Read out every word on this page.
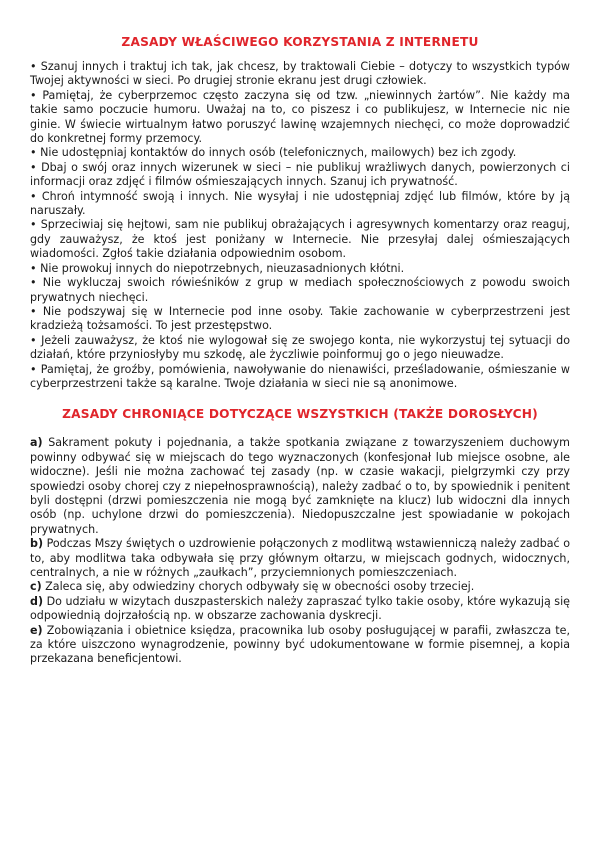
ZASADY WŁAŚCIWEGO KORZYSTANIA Z INTERNETU

• Szanuj innych i traktuj ich tak, jak chcesz, by traktowali Ciebie – dotyczy to wszystkich typów Twojej aktywności w sieci. Po drugiej stronie ekranu jest drugi człowiek.

• Pamiętaj, że cyberprzemoc często zaczyna się od tzw. „niewinnych żartów”. Nie każdy ma takie samo poczucie humoru. Uważaj na to, co piszesz i co publikujesz, w Internecie nic nie ginie. W świecie wirtualnym łatwo poruszyć lawinę wzajemnych niechęci, co może doprowadzić do konkretnej formy przemocy.

• Nie udostępniaj kontaktów do innych osób (telefonicznych, mailowych) bez ich zgody.

• Dbaj o swój oraz innych wizerunek w sieci – nie publikuj wrażliwych danych, powierzonych ci informacji oraz zdjęć i filmów ośmieszających innych. Szanuj ich prywatność.

• Chroń intymność swoją i innych. Nie wysyłaj i nie udostępniaj zdjęć lub filmów, które by ją naruszały.

• Sprzeciwiaj się hejtowi, sam nie publikuj obrażających i agresywnych komentarzy oraz reaguj, gdy zauważysz, że ktoś jest poniżany w Internecie. Nie przesyłaj dalej ośmieszających wiadomości. Zgłoś takie działania odpowiednim osobom.

• Nie prowokuj innych do niepotrzebnych, nieuzasadnionych kłótni.

• Nie wykluczaj swoich rówieśników z grup w mediach społecznościowych z powodu swoich prywatnych niechęci.

• Nie podszywaj się w Internecie pod inne osoby. Takie zachowanie w cyberprzestrzeni jest kradzieżą tożsamości. To jest przestępstwo.

• Jeżeli zauważysz, że ktoś nie wylogował się ze swojego konta, nie wykorzystuj tej sytuacji do działań, które przyniosłyby mu szkodę, ale życzliwie poinformuj go o jego nieuwadze.

• Pamiętaj, że groźby, pomówienia, nawoływanie do nienawiści, prześladowanie, ośmieszanie w cyberprzestrzeni także są karalne. Twoje działania w sieci nie są anonimowe.

ZASADY CHRONIĄCE DOTYCZĄCE WSZYSTKICH (TAKŻE DOROSŁYCH)

a) Sakrament pokuty i pojednania, a także spotkania związane z towarzyszeniem duchowym powinny odbywać się w miejscach do tego wyznaczonych (konfesjonał lub miejsce osobne, ale widoczne). Jeśli nie można zachować tej zasady (np. w czasie wakacji, pielgrzymki czy przy spowiedzi osoby chorej czy z niepełnosprawnością), należy zadbać o to, by spowiednik i penitent byli dostępni (drzwi pomieszczenia nie mogą być zamknięte na klucz) lub widoczni dla innych osób (np. uchylone drzwi do pomieszczenia). Niedopuszczalne jest spowiadanie w pokojach prywatnych.

b) Podczas Mszy świętych o uzdrowienie połączonych z modlitwą wstawienniczą należy zadbać o to, aby modlitwa taka odbywała się przy głównym ołtarzu, w miejscach godnych, widocznych, centralnych, a nie w różnych „zaułkach”, przyciemnionych pomieszczeniach.

c) Zaleca się, aby odwiedziny chorych odbywały się w obecności osoby trzeciej.

d) Do udziału w wizytach duszpasterskich należy zapraszać tylko takie osoby, które wykazują się odpowiednią dojrzałością np. w obszarze zachowania dyskrecji.

e) Zobowiązania i obietnice księdza, pracownika lub osoby posługującej w parafii, zwłaszcza te, za które uiszczono wynagrodzenie, powinny być udokumentowane w formie pisemnej, a kopia przekazana beneficjentowi.
